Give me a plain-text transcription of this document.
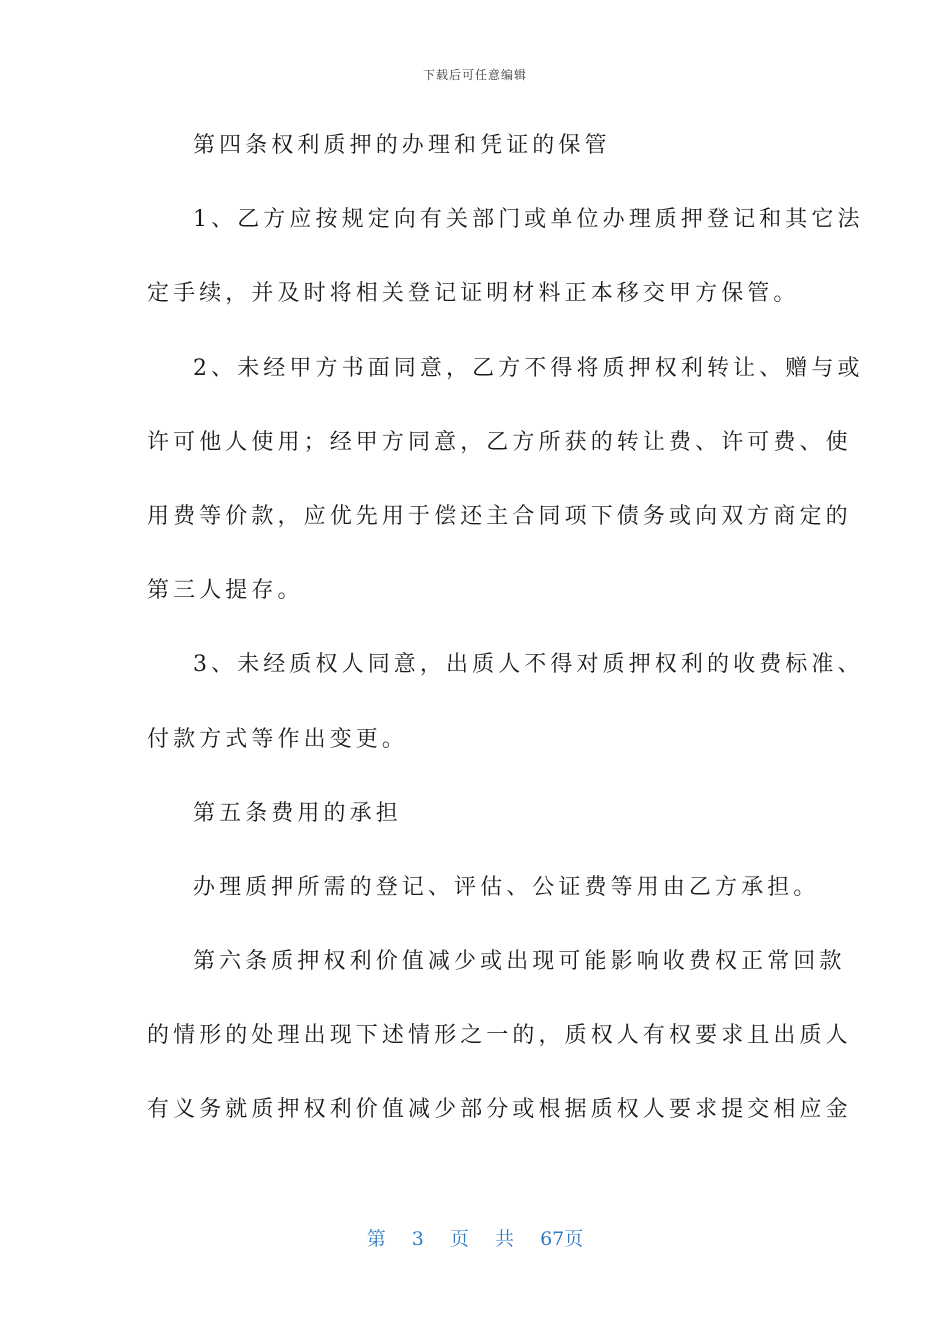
下载后可任意编辑
第四条权利质押的办理和凭证的保管
1、乙方应按规定向有关部门或单位办理质押登记和其它法
定手续，并及时将相关登记证明材料正本移交甲方保管。
2、未经甲方书面同意，乙方不得将质押权利转让、赠与或
许可他人使用；经甲方同意，乙方所获的转让费、许可费、使
用费等价款，应优先用于偿还主合同项下债务或向双方商定的
第三人提存。
3、未经质权人同意，出质人不得对质押权利的收费标准、
付款方式等作出变更。
第五条费用的承担
办理质押所需的登记、评估、公证费等用由乙方承担。
第六条质押权利价值减少或出现可能影响收费权正常回款
的情形的处理出现下述情形之一的，质权人有权要求且出质人
有义务就质押权利价值减少部分或根据质权人要求提交相应金
第 3 页 共 67页
